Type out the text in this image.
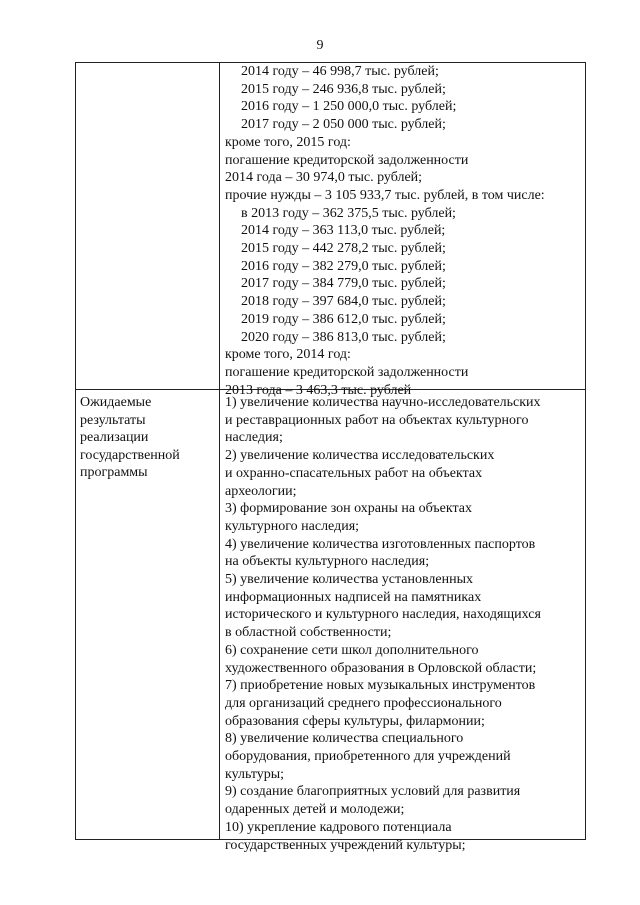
9
2014 году – 46 998,7 тыс. рублей;
2015 году – 246 936,8 тыс. рублей;
2016 году – 1 250 000,0 тыс. рублей;
2017 году – 2 050 000 тыс. рублей;
кроме того, 2015 год:
погашение кредиторской задолженности
2014 года – 30 974,0 тыс. рублей;
прочие нужды – 3 105 933,7 тыс. рублей, в том числе:
в 2013 году – 362 375,5 тыс. рублей;
2014 году – 363 113,0 тыс. рублей;
2015 году – 442 278,2 тыс. рублей;
2016 году – 382 279,0 тыс. рублей;
2017 году – 384 779,0 тыс. рублей;
2018 году – 397 684,0 тыс. рублей;
2019 году – 386 612,0 тыс. рублей;
2020 году – 386 813,0 тыс. рублей;
кроме того, 2014 год:
погашение кредиторской задолженности
2013 года – 3 463,3 тыс. рублей
Ожидаемые
результаты
реализации
государственной
программы
1) увеличение количества научно-исследовательских
и реставрационных работ на объектах культурного
наследия;
2) увеличение количества исследовательских
и охранно-спасательных работ на объектах
археологии;
3) формирование зон охраны на объектах
культурного наследия;
4) увеличение количества изготовленных паспортов
на объекты культурного наследия;
5) увеличение количества установленных
информационных надписей на памятниках
исторического и культурного наследия, находящихся
в областной собственности;
6) сохранение сети школ дополнительного
художественного образования в Орловской области;
7) приобретение новых музыкальных инструментов
для организаций среднего профессионального
образования сферы культуры, филармонии;
8) увеличение количества специального
оборудования, приобретенного для учреждений
культуры;
9) создание благоприятных условий для развития
одаренных детей и молодежи;
10) укрепление кадрового потенциала
государственных учреждений культуры;
